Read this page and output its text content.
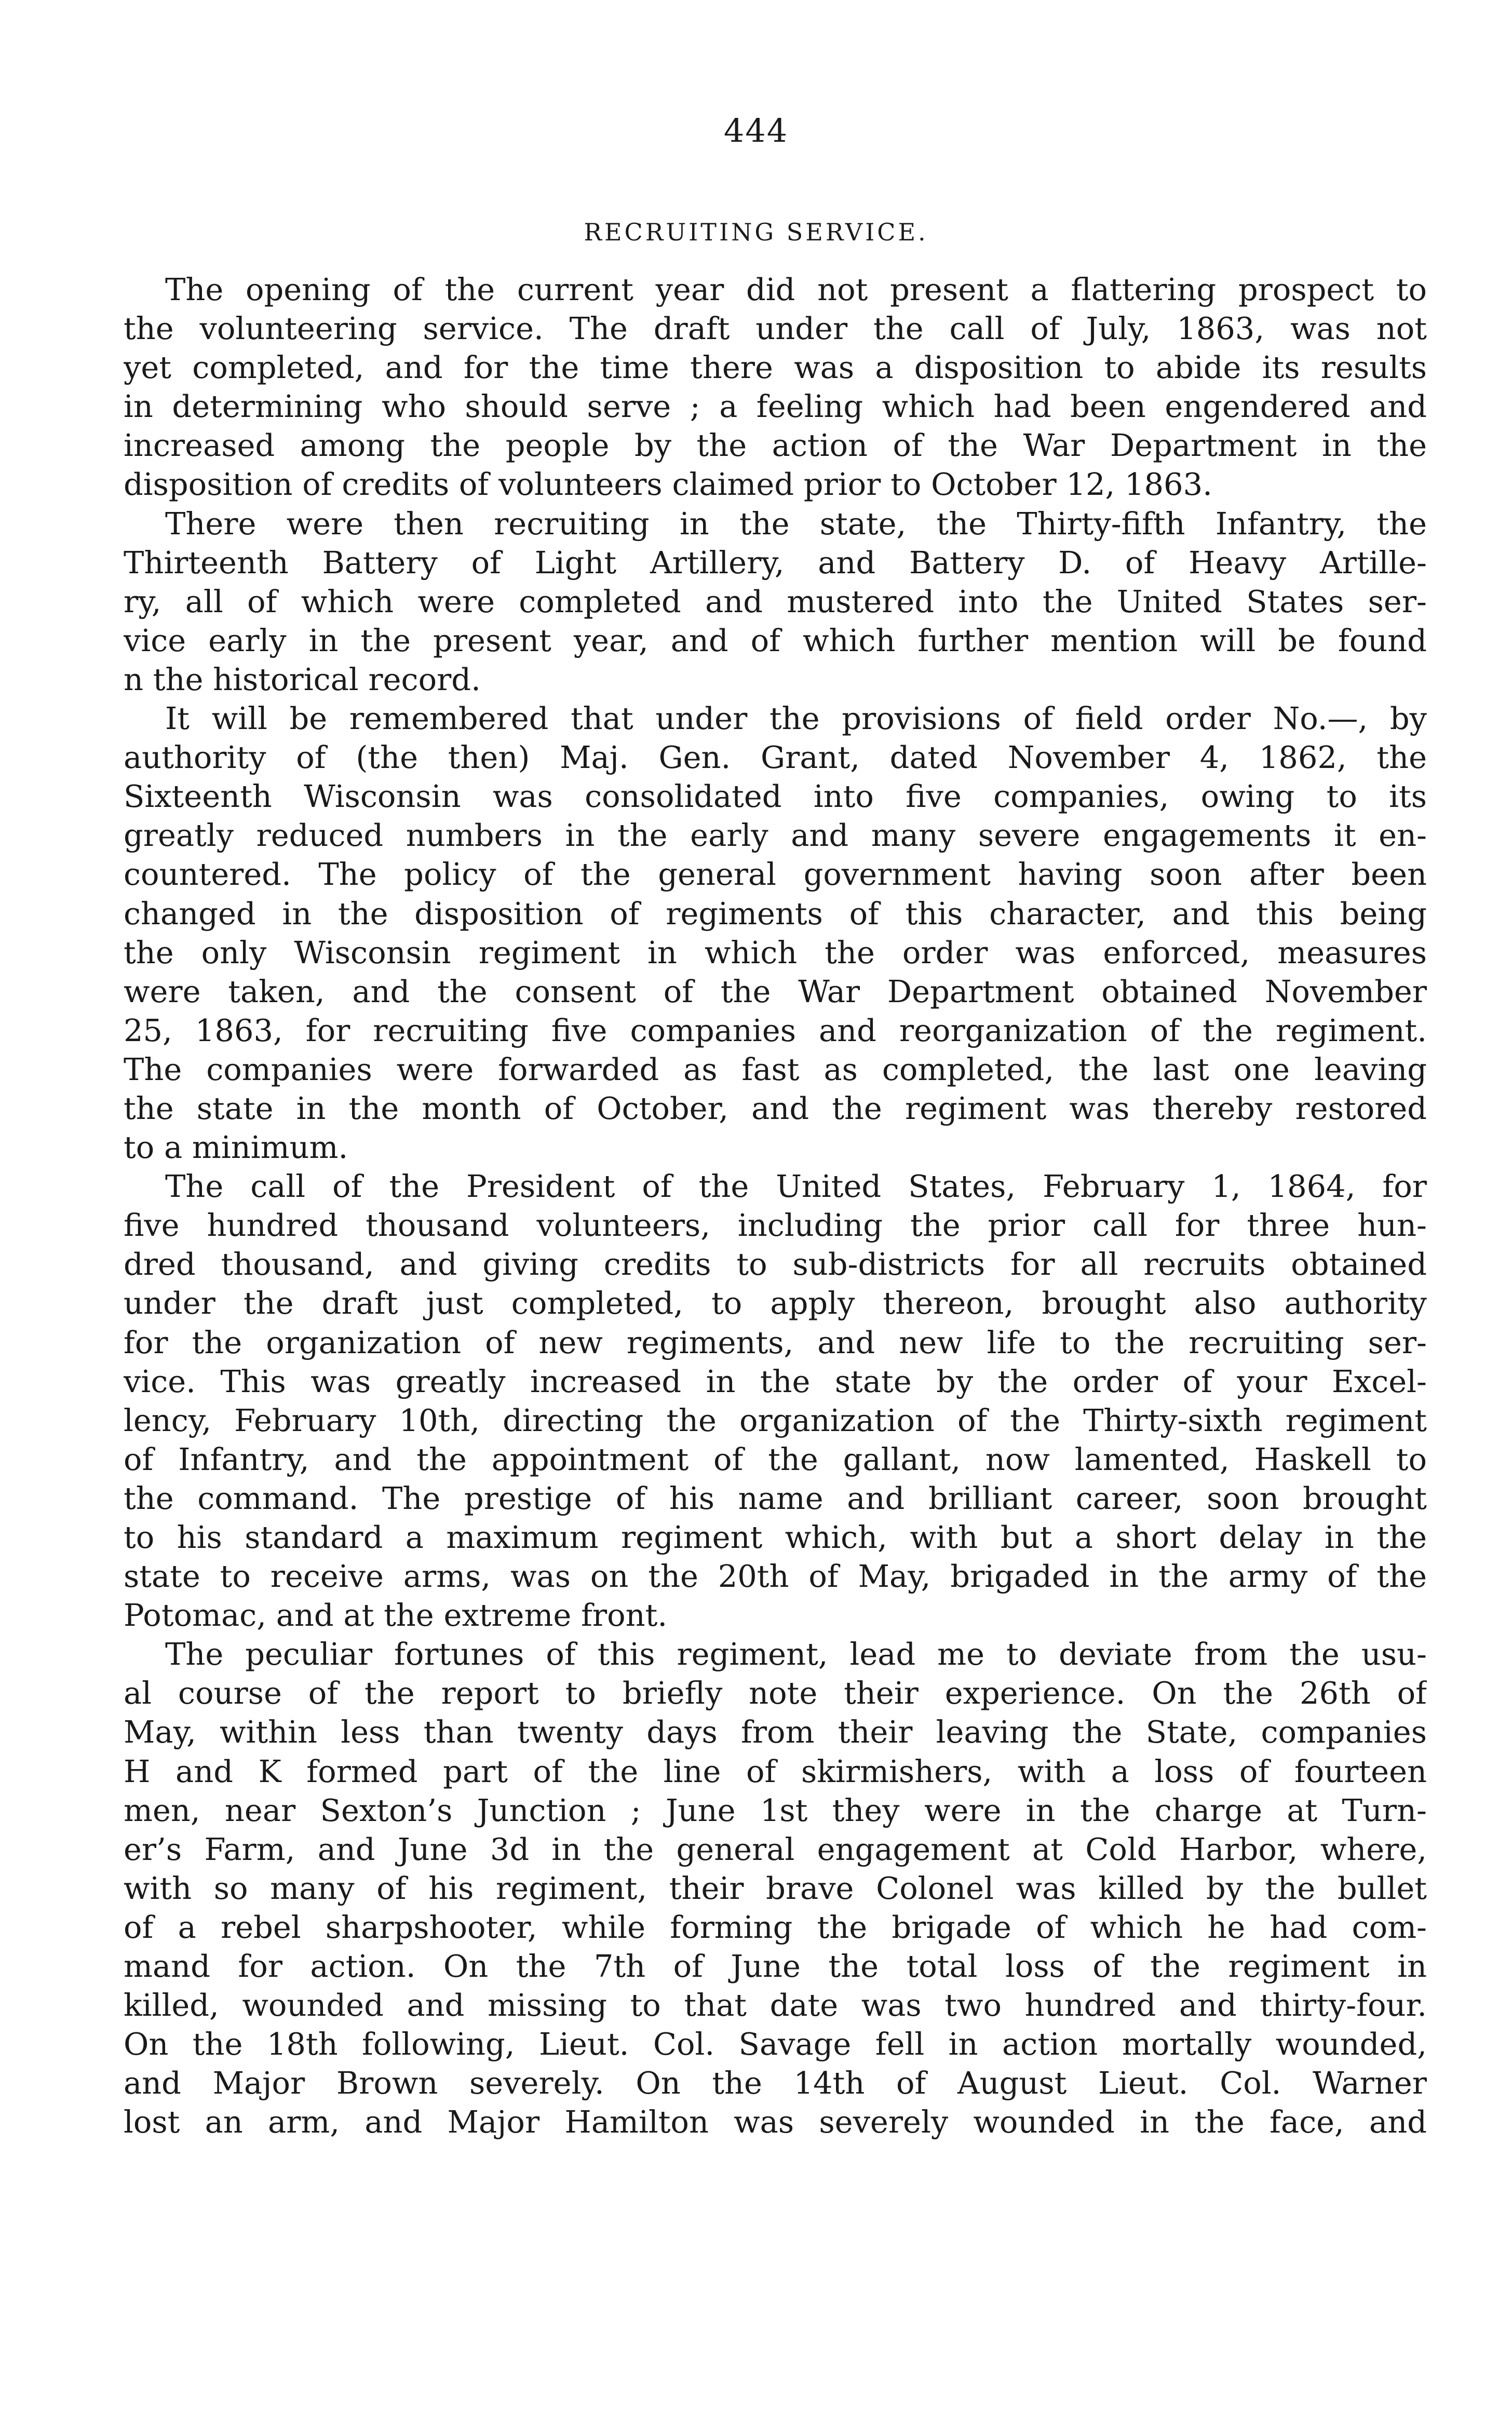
444
RECRUITING SERVICE.
The opening of the current year did not present a flattering prospect to
the volunteering service. The draft under the call of July, 1863, was not
yet completed, and for the time there was a disposition to abide its results
in determining who should serve ; a feeling which had been engendered and
increased among the people by the action of the War Department in the
disposition of credits of volunteers claimed prior to October 12, 1863.
There were then recruiting in the state, the Thirty-fifth Infantry, the
Thirteenth Battery of Light Artillery, and Battery D. of Heavy Artille-
ry, all of which were completed and mustered into the United States ser-
vice early in the present year, and of which further mention will be found
n the historical record.
It will be remembered that under the provisions of field order No.—, by
authority of (the then) Maj. Gen. Grant, dated November 4, 1862, the
Sixteenth Wisconsin was consolidated into five companies, owing to its
greatly reduced numbers in the early and many severe engagements it en-
countered. The policy of the general government having soon after been
changed in the disposition of regiments of this character, and this being
the only Wisconsin regiment in which the order was enforced, measures
were taken, and the consent of the War Department obtained November
25, 1863, for recruiting five companies and reorganization of the regiment.
The companies were forwarded as fast as completed, the last one leaving
the state in the month of October, and the regiment was thereby restored
to a minimum.
The call of the President of the United States, February 1, 1864, for
five hundred thousand volunteers, including the prior call for three hun-
dred thousand, and giving credits to sub-districts for all recruits obtained
under the draft just completed, to apply thereon, brought also authority
for the organization of new regiments, and new life to the recruiting ser-
vice. This was greatly increased in the state by the order of your Excel-
lency, February 10th, directing the organization of the Thirty-sixth regiment
of Infantry, and the appointment of the gallant, now lamented, Haskell to
the command. The prestige of his name and brilliant career, soon brought
to his standard a maximum regiment which, with but a short delay in the
state to receive arms, was on the 20th of May, brigaded in the army of the
Potomac, and at the extreme front.
The peculiar fortunes of this regiment, lead me to deviate from the usu-
al course of the report to briefly note their experience. On the 26th of
May, within less than twenty days from their leaving the State, companies
H and K formed part of the line of skirmishers, with a loss of fourteen
men, near Sexton’s Junction ; June 1st they were in the charge at Turn-
er’s Farm, and June 3d in the general engagement at Cold Harbor, where,
with so many of his regiment, their brave Colonel was killed by the bullet
of a rebel sharpshooter, while forming the brigade of which he had com-
mand for action. On the 7th of June the total loss of the regiment in
killed, wounded and missing to that date was two hundred and thirty-four.
On the 18th following, Lieut. Col. Savage fell in action mortally wounded,
and Major Brown severely. On the 14th of August Lieut. Col. Warner
lost an arm, and Major Hamilton was severely wounded in the face, and
